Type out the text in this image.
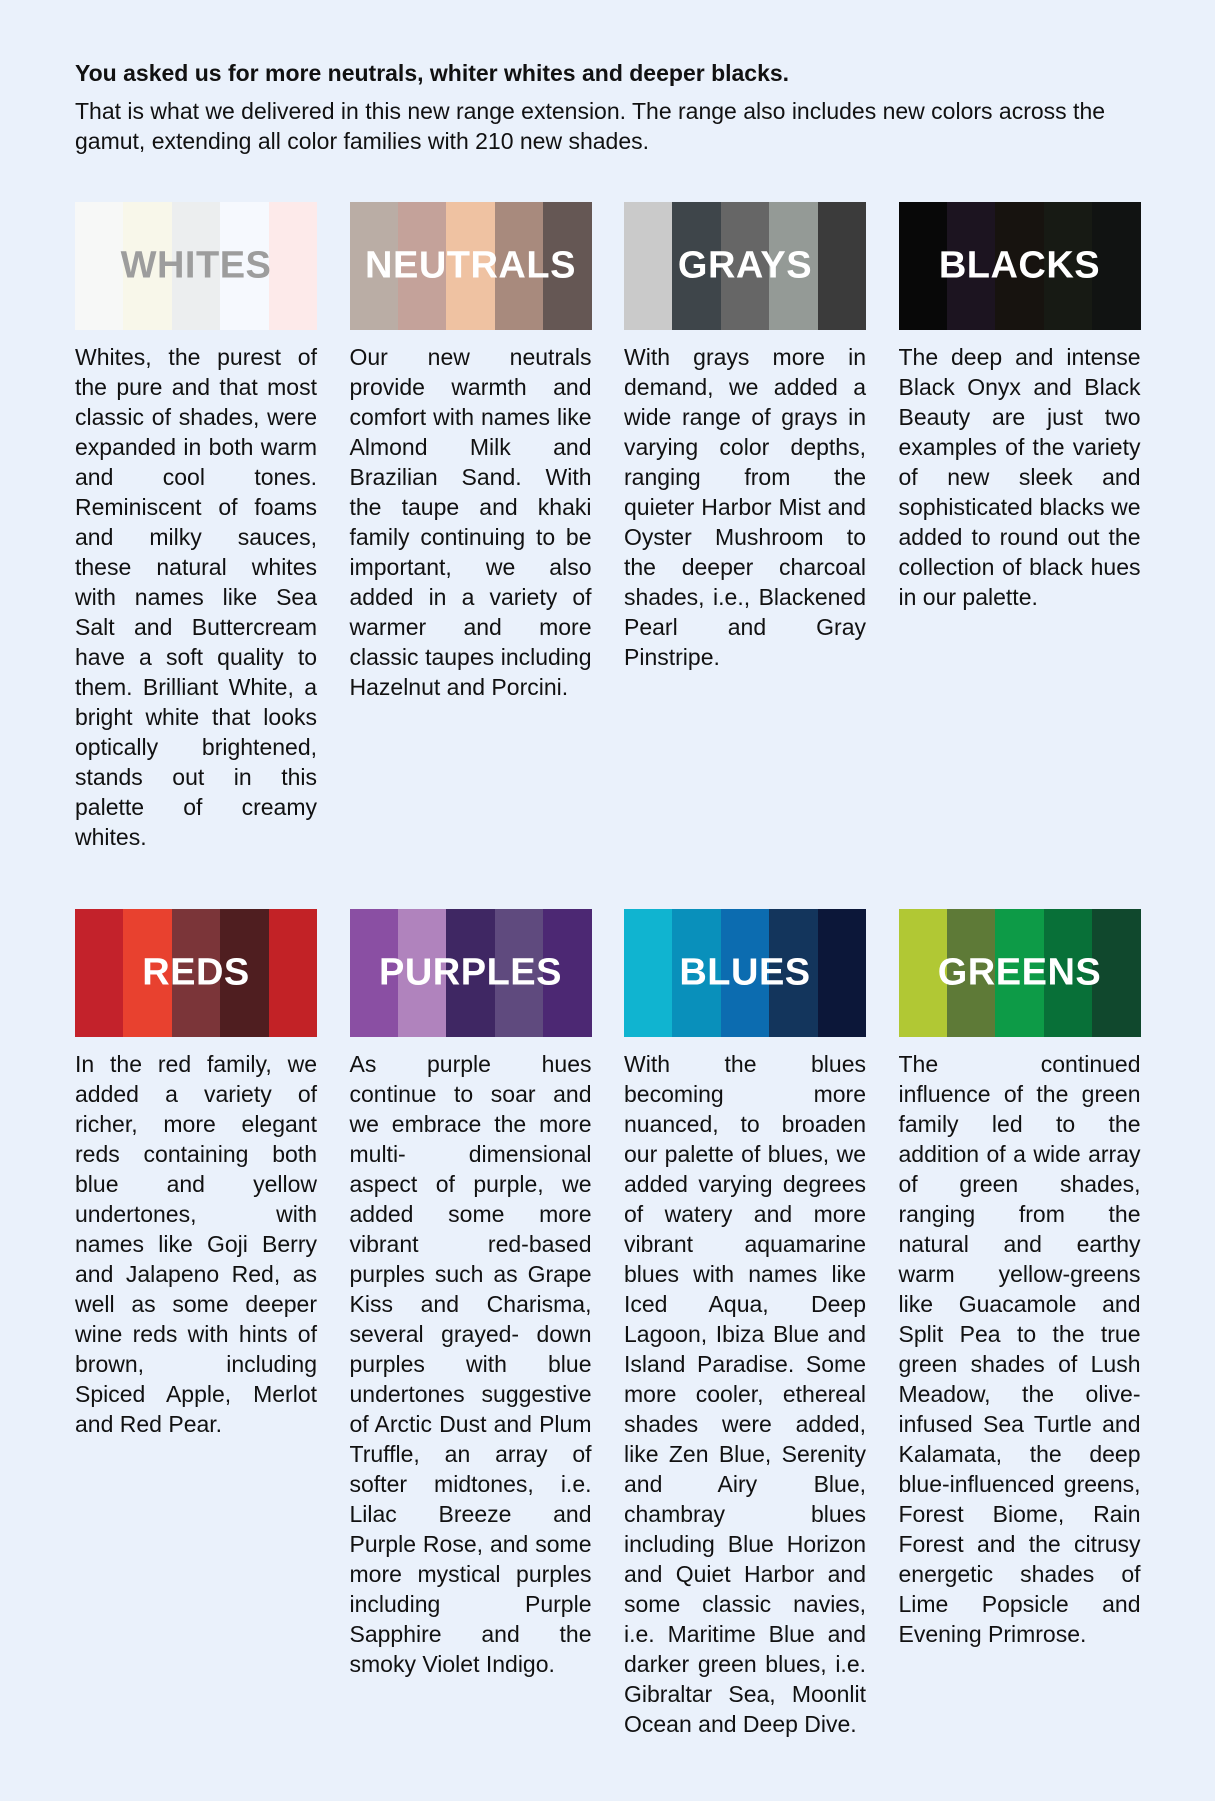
You asked us for more neutrals, whiter whites and deeper blacks.

That is what we delivered in this new range extension. The range also includes new colors across the gamut, extending all color families with 210 new shades.

WHITES

Whites, the purest of the pure and that most classic of shades, were expanded in both warm and cool tones. Reminiscent of foams and milky sauces, these natural whites with names like Sea Salt and Buttercream have a soft quality to them. Brilliant White, a bright white that looks optically brightened, stands out in this palette of creamy whites.

NEUTRALS

Our new neutrals provide warmth and comfort with names like Almond Milk and Brazilian Sand. With the taupe and khaki family continuing to be important, we also added in a variety of warmer and more classic taupes including Hazelnut and Porcini.

GRAYS

With grays more in demand, we added a wide range of grays in varying color depths, ranging from the quieter Harbor Mist and Oyster Mushroom to the deeper charcoal shades, i.e., Blackened Pearl and Gray Pinstripe.

BLACKS

The deep and intense Black Onyx and Black Beauty are just two examples of the variety of new sleek and sophisticated blacks we added to round out the collection of black hues in our palette.

REDS

In the red family, we added a variety of richer, more elegant reds containing both blue and yellow undertones, with names like Goji Berry and Jalapeno Red, as well as some deeper wine reds with hints of brown, including Spiced Apple, Merlot and Red Pear.

PURPLES

As purple hues continue to soar and we embrace the more multi- dimensional aspect of purple, we added some more vibrant red-based purples such as Grape Kiss and Charisma, several grayed- down purples with blue undertones suggestive of Arctic Dust and Plum Truffle, an array of softer midtones, i.e. Lilac Breeze and Purple Rose, and some more mystical purples including Purple Sapphire and the smoky Violet Indigo.

BLUES

With the blues becoming more nuanced, to broaden our palette of blues, we added varying degrees of watery and more vibrant aquamarine blues with names like Iced Aqua, Deep Lagoon, Ibiza Blue and Island Paradise. Some more cooler, ethereal shades were added, like Zen Blue, Serenity and Airy Blue, chambray blues including Blue Horizon and Quiet Harbor and some classic navies, i.e. Maritime Blue and darker green blues, i.e. Gibraltar Sea, Moonlit Ocean and Deep Dive.

GREENS

The continued influence of the green family led to the addition of a wide array of green shades, ranging from the natural and earthy warm yellow-greens like Guacamole and Split Pea to the true green shades of Lush Meadow, the olive-infused Sea Turtle and Kalamata, the deep blue-influenced greens, Forest Biome, Rain Forest and the citrusy energetic shades of Lime Popsicle and Evening Primrose.
